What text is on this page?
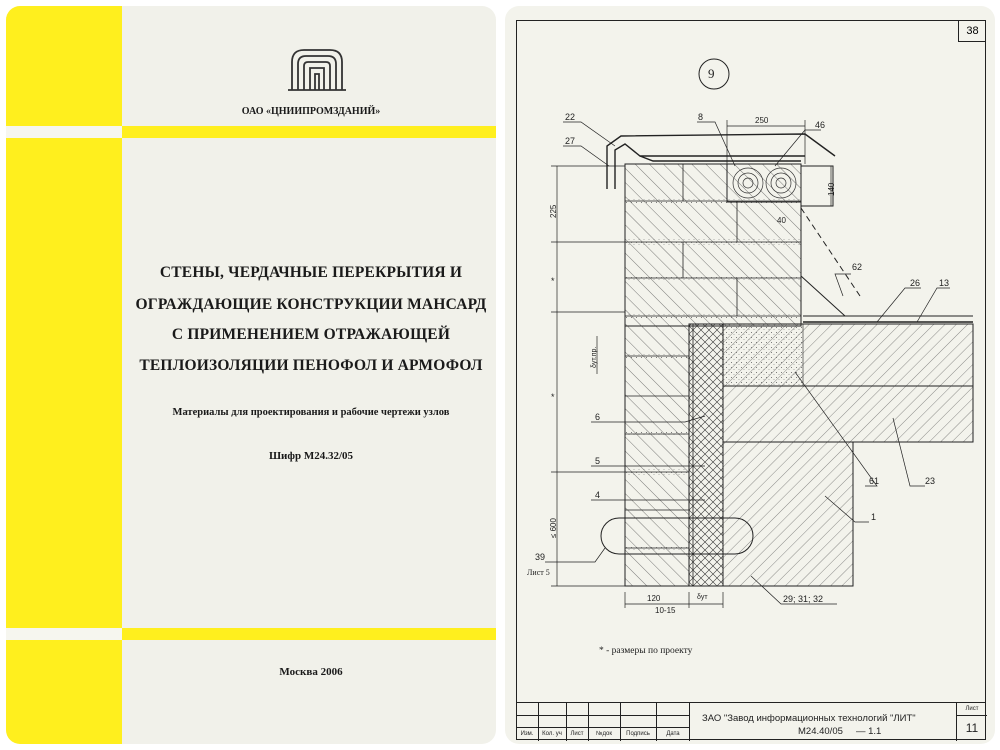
ОАО «ЦНИИПРОМЗДАНИЙ»
СТЕНЫ, ЧЕРДАЧНЫЕ ПЕРЕКРЫТИЯ И
ОГРАЖДАЮЩИЕ КОНСТРУКЦИИ МАНСАРД
С ПРИМЕНЕНИЕМ ОТРАЖАЮЩЕЙ
ТЕПЛОИЗОЛЯЦИИ ПЕНОФОЛ И АРМОФОЛ
Материалы для проектирования и рабочие чертежи узлов
Шифр М24.32/05
Москва 2006
38
9
22
27
8
46
62
26 13
6
5
4
61	23
1
39
Лист 5
29; 31; 32
250
140
40
225
*
*
≤ 600
120
10-15
δут.пр.
δут
* - размеры по проекту
Изм.	Кол. уч	Лист	№док	Подпись	Дата
ЗАО "Завод информационных технологий "ЛИТ"
М24.40/05 — 1.1
Лист
11
